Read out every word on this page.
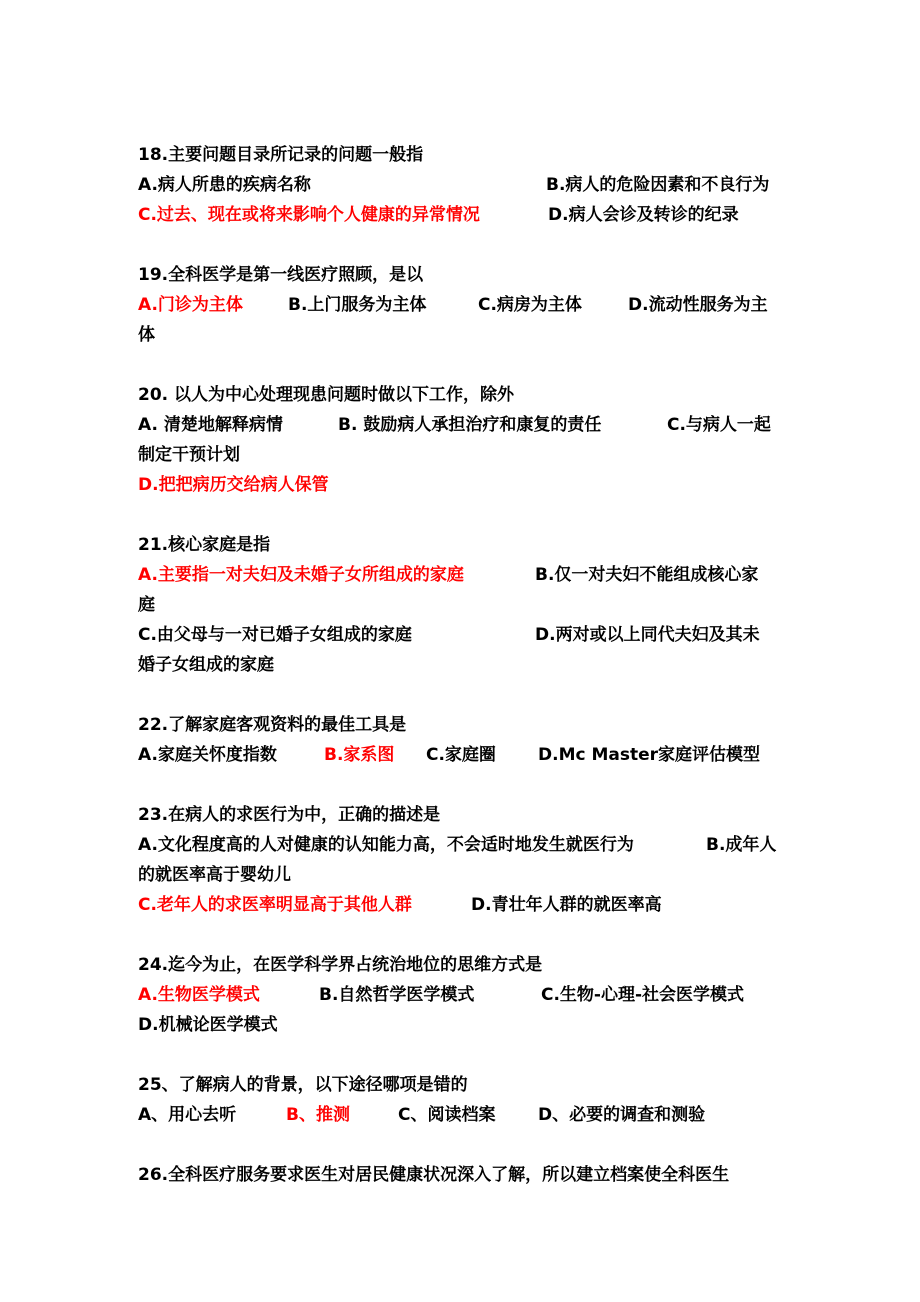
18.主要问题目录所记录的问题一般指
A.病人所患的疾病名称	B.病人的危险因素和不良行为
C.过去、现在或将来影响个人健康的异常情况	D.病人会诊及转诊的纪录
19.全科医学是第一线医疗照顾，是以
A.门诊为主体	B.上门服务为主体	C.病房为主体	D.流动性服务为主
体
20. 以人为中心处理现患问题时做以下工作，除外
A. 清楚地解释病情	B. 鼓励病人承担治疗和康复的责任	C.与病人一起
制定干预计划
D.把把病历交给病人保管
21.核心家庭是指
A.主要指一对夫妇及未婚子女所组成的家庭	B.仅一对夫妇不能组成核心家
庭
C.由父母与一对已婚子女组成的家庭	D.两对或以上同代夫妇及其未
婚子女组成的家庭
22.了解家庭客观资料的最佳工具是
A.家庭关怀度指数	B.家系图 C.家庭圈 D.Mc Master家庭评估模型
23.在病人的求医行为中，正确的描述是
A.文化程度高的人对健康的认知能力高，不会适时地发生就医行为	B.成年人
的就医率高于婴幼儿
C.老年人的求医率明显高于其他人群	D.青壮年人群的就医率高
24.迄今为止，在医学科学界占统治地位的思维方式是
A.生物医学模式	B.自然哲学医学模式	C.生物-心理-社会医学模式
D.机械论医学模式
25、了解病人的背景，以下途径哪项是错的
A、用心去听	B、推测	C、阅读档案	D、必要的调查和测验
26.全科医疗服务要求医生对居民健康状况深入了解，所以建立档案使全科医生
